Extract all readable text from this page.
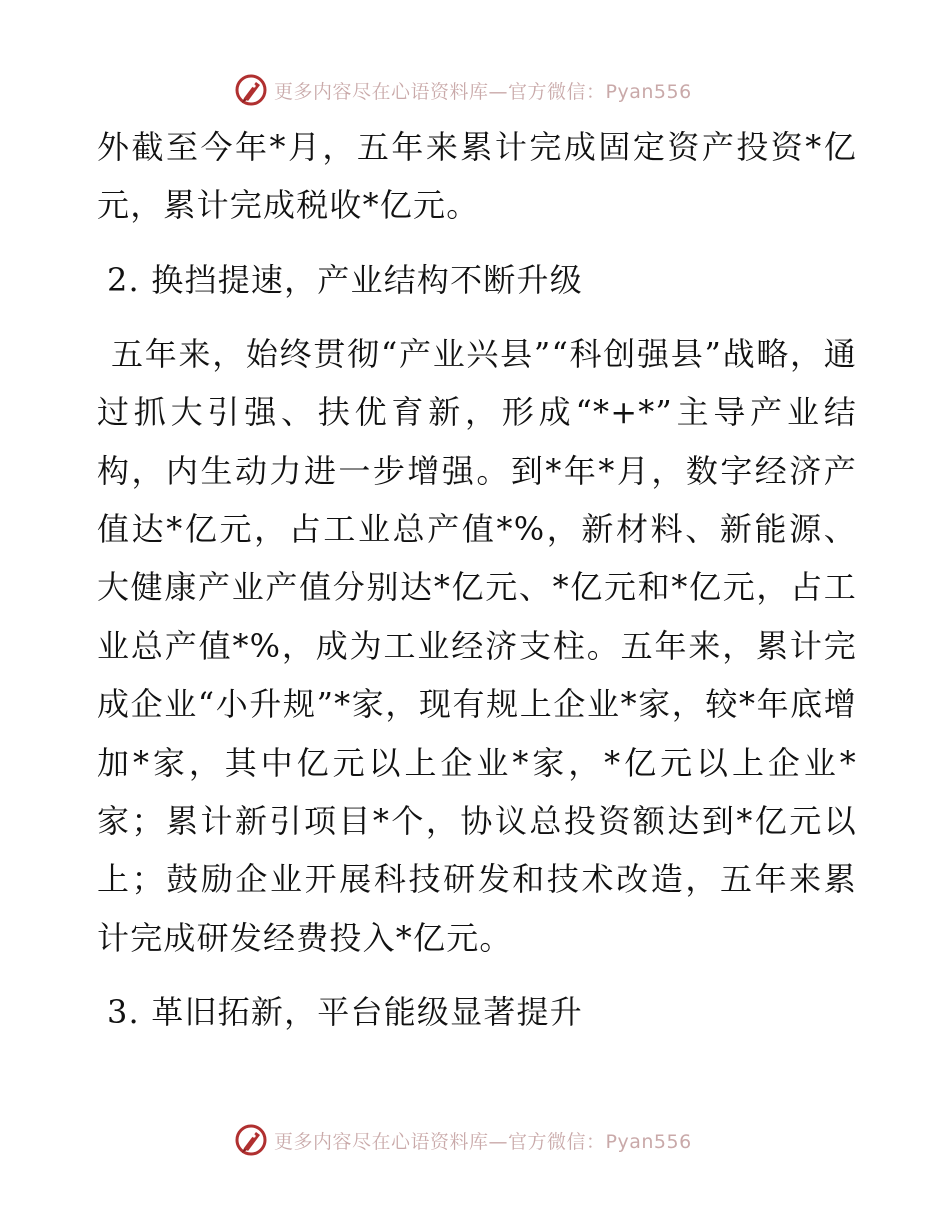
更多内容尽在心语资料库—官方微信：Pyan556

外截至今年*月，五年来累计完成固定资产投资*亿元，累计完成税收*亿元。

2. 换挡提速，产业结构不断升级

五年来，始终贯彻“产业兴县”“科创强县”战略，通过抓大引强、扶优育新，形成“*+*”主导产业结构，内生动力进一步增强。到*年*月，数字经济产值达*亿元，占工业总产值*%，新材料、新能源、大健康产业产值分别达*亿元、*亿元和*亿元，占工业总产值*%，成为工业经济支柱。五年来，累计完成企业“小升规”*家，现有规上企业*家，较*年底增加*家，其中亿元以上企业*家，*亿元以上企业*家；累计新引项目*个，协议总投资额达到*亿元以上；鼓励企业开展科技研发和技术改造，五年来累计完成研发经费投入*亿元。

3. 革旧拓新，平台能级显著提升

更多内容尽在心语资料库—官方微信：Pyan556
